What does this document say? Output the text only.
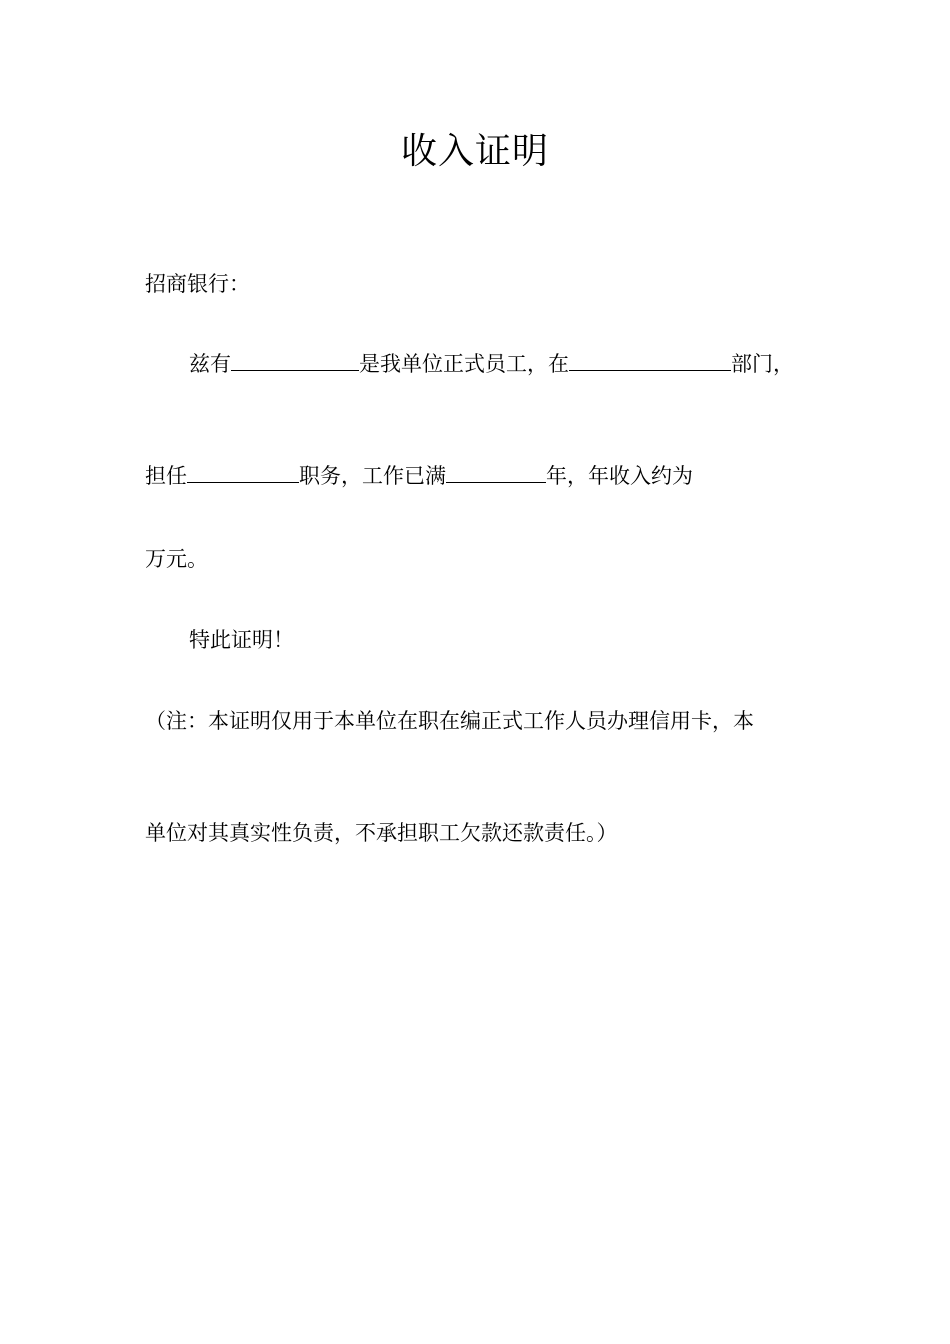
收入证明
招商银行：
兹有	是我单位正式员工，在	部门，
担任	职务，工作已满	年，年收入约为
万元。
特此证明！
（注：本证明仅用于本单位在职在编正式工作人员办理信用卡，本
单位对其真实性负责，不承担职工欠款还款责任。）
